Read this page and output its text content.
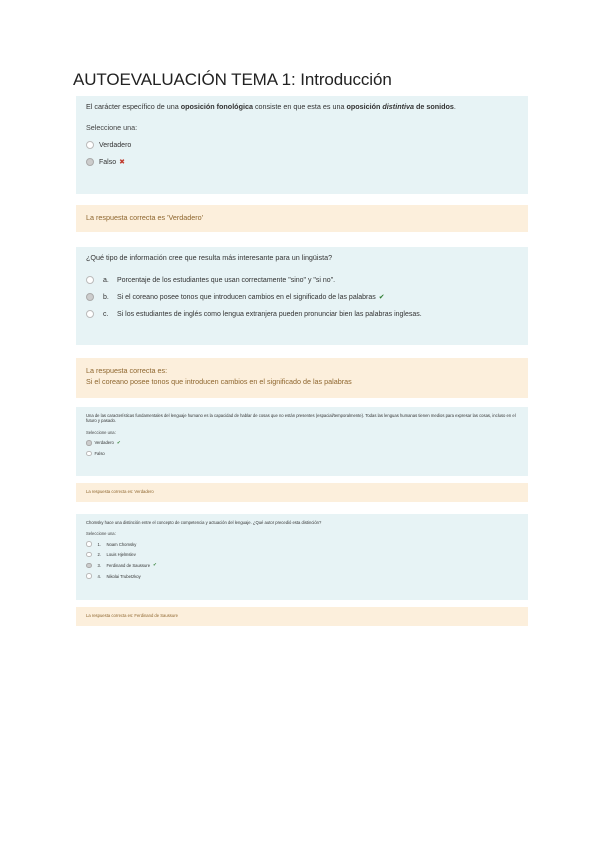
AUTOEVALUACIÓN TEMA 1: Introducción
El carácter específico de una oposición fonológica consiste en que esta es una oposición distintiva de sonidos.
Seleccione una:
Verdadero
Falso ✖
La respuesta correcta es 'Verdadero'
¿Qué tipo de información cree que resulta más interesante para un lingüista?
a.	Porcentaje de los estudiantes que usan correctamente "sino" y "si no".
b.	Si el coreano posee tonos que introducen cambios en el significado de las palabras ✔
c.	Si los estudiantes de inglés como lengua extranjera pueden pronunciar bien las palabras inglesas.
La respuesta correcta es:
Si el coreano posee tonos que introducen cambios en el significado de las palabras
Una de las características fundamentales del lenguaje humano es la capacidad de hablar de cosas que no están presentes (espacial/temporalmente). Todas las lenguas humanas tienen medios para expresar las cosas, incluso en el futuro y pasado.
Seleccione una:
Verdadero ✔
Falso
La respuesta correcta es: Verdadero
Chomsky hace una distinción entre el concepto de competencia y actuación del lenguaje. ¿Qué autor precedió esta distinción?
Seleccione una:
1.	Noam Chomsky
2.	Louis Hjelmslev
3.	Ferdinand de Saussure ✔
4.	Nikolai Trubetzkoy
La respuesta correcta es: Ferdinand de Saussure
